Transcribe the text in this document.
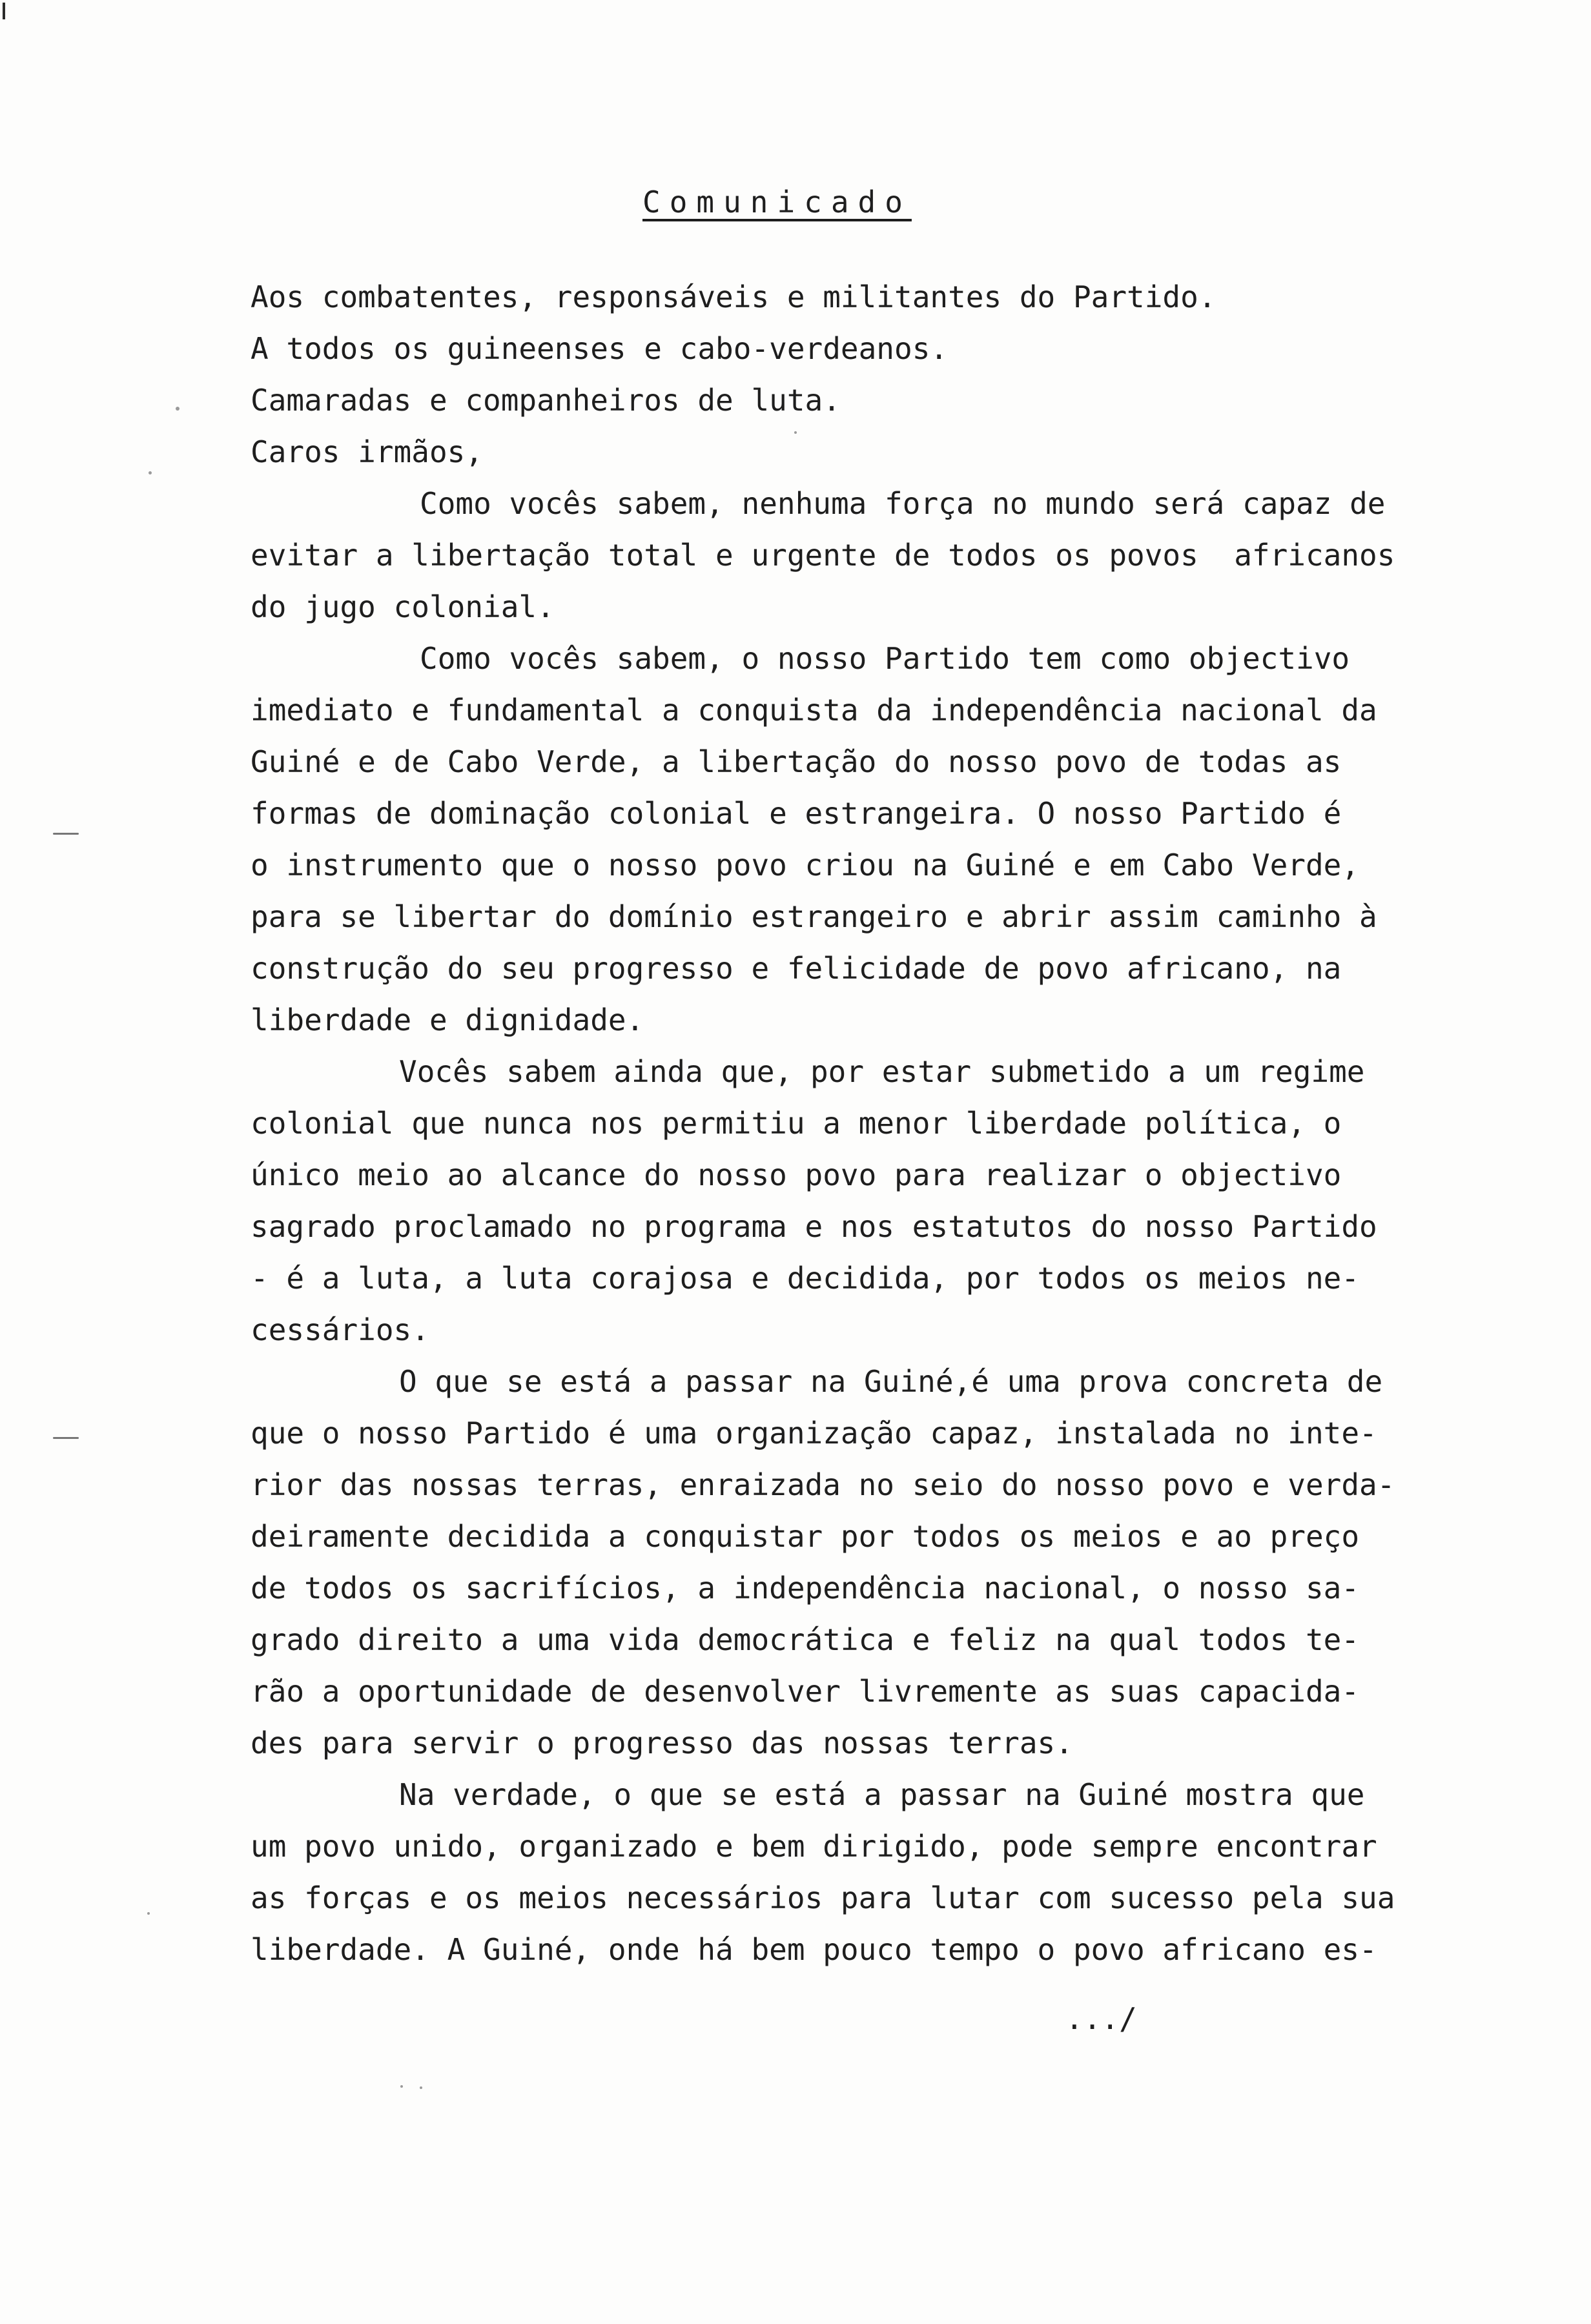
Comunicado
Aos combatentes, responsáveis e militantes do Partido.
A todos os guineenses e cabo-verdeanos.
Camaradas e companheiros de luta.
Caros irmãos,
Como vocês sabem, nenhuma força no mundo será capaz de
evitar a libertação total e urgente de todos os povos  africanos
do jugo colonial.
Como vocês sabem, o nosso Partido tem como objectivo
imediato e fundamental a conquista da independência nacional da
Guiné e de Cabo Verde, a libertação do nosso povo de todas as
formas de dominação colonial e estrangeira. O nosso Partido é
o instrumento que o nosso povo criou na Guiné e em Cabo Verde,
para se libertar do domínio estrangeiro e abrir assim caminho à
construção do seu progresso e felicidade de povo africano, na
liberdade e dignidade.
Vocês sabem ainda que, por estar submetido a um regime
colonial que nunca nos permitiu a menor liberdade política, o
único meio ao alcance do nosso povo para realizar o objectivo
sagrado proclamado no programa e nos estatutos do nosso Partido
- é a luta, a luta corajosa e decidida, por todos os meios ne-
cessários.
O que se está a passar na Guiné,é uma prova concreta de
que o nosso Partido é uma organização capaz, instalada no inte-
rior das nossas terras, enraizada no seio do nosso povo e verda-
deiramente decidida a conquistar por todos os meios e ao preço
de todos os sacrifícios, a independência nacional, o nosso sa-
grado direito a uma vida democrática e feliz na qual todos te-
rão a oportunidade de desenvolver livremente as suas capacida-
des para servir o progresso das nossas terras.
Na verdade, o que se está a passar na Guiné mostra que
um povo unido, organizado e bem dirigido, pode sempre encontrar
as forças e os meios necessários para lutar com sucesso pela sua
liberdade. A Guiné, onde há bem pouco tempo o povo africano es-
.../
